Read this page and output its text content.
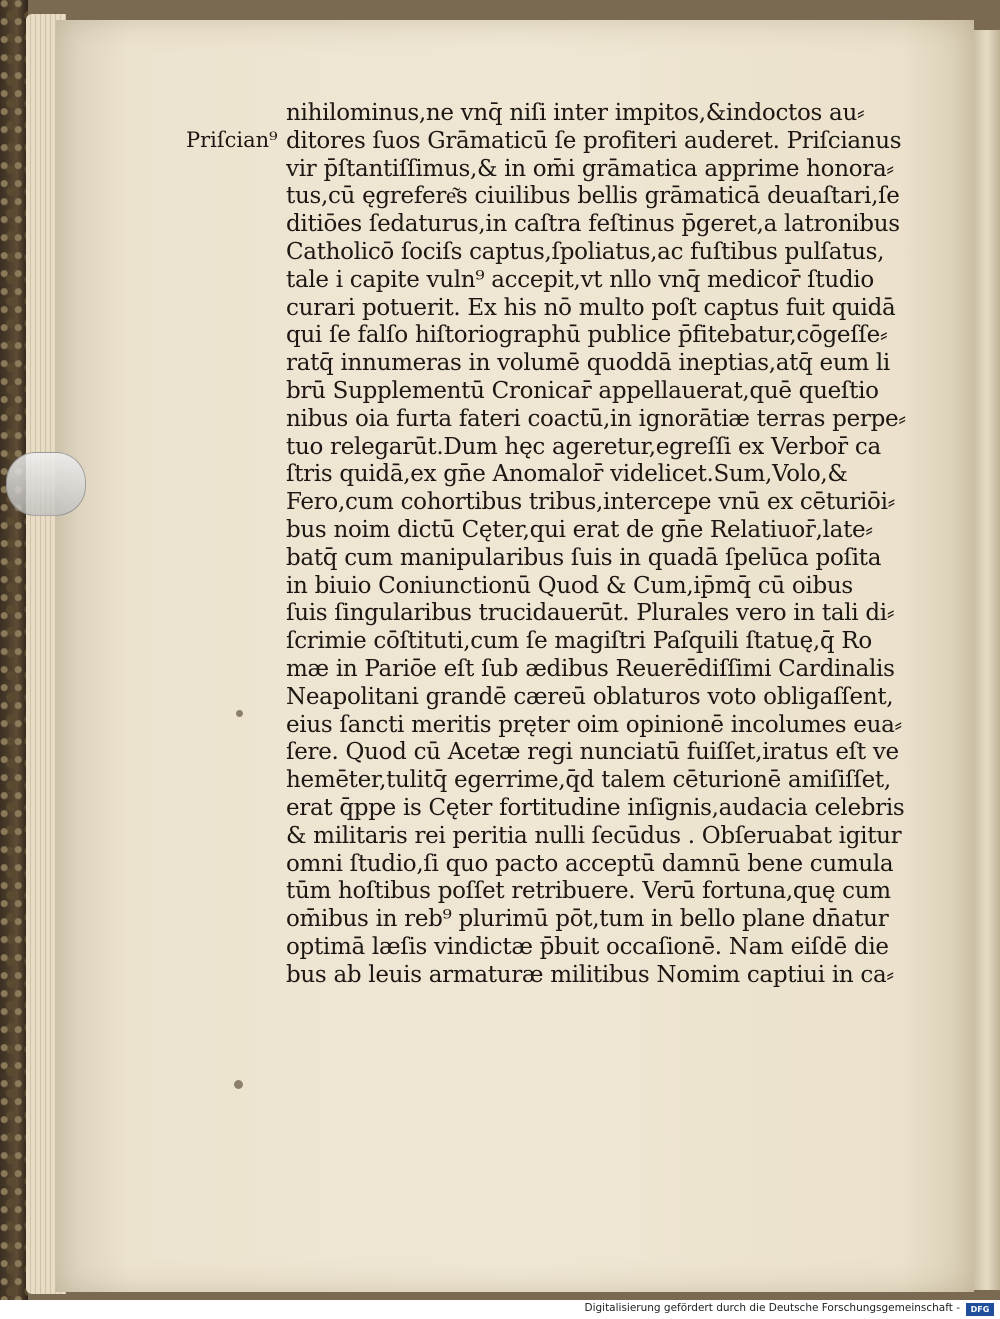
Priſcian⁹
nihilominus,ne vnq̄ niſi inter impitos,&indoctos au⸗
ditores ſuos Grāmaticū ſe profiteri auderet. Priſcianus
vir p̄ſtantiſſimus,& in om̄i grāmatica apprime honora⸗
tus,cū ęgrefere͂s ciuilibus bellis grāmaticā deuaſtari,ſe
ditiōes ſedaturus,in caſtra feſtinus p̄geret,a latronibus
Catholicō ſociſs captus,ſpoliatus,ac fuſtibus pulſatus,
tale i capite vuln⁹ accepit,vt nllo vnq̄ medicor̄ ſtudio
curari potuerit. Ex his nō multo poſt captus fuit quidā
qui ſe falſo hiſtoriographū publice p̄fitebatur,cōgeſſe⸗
ratq̄ innumeras in volumē quoddā ineptias,atq̄ eum li
brū Supplementū Cronicar̄ appellauerat,quē queſtio
nibus oia furta fateri coactū,in ignorātiæ terras perpe⸗
tuo relegarūt.Dum hęc ageretur,egreſſi ex Verbor̄ ca
ſtris quidā,ex gn̄e Anomalor̄ videlicet.Sum,Volo,&
Fero,cum cohortibus tribus,intercepe vnū ex cēturiōi⸗
bus noim dictū Cęter,qui erat de gn̄e Relatiuor̄,late⸗
batq̄ cum manipularibus ſuis in quadā ſpelūca poſita
in biuio Coniunctionū Quod & Cum,ip̄mq̄ cū oibus
ſuis ſingularibus trucidauerūt. Plurales vero in tali di⸗
ſcrimie cōſtituti,cum ſe magiſtri Paſquili ſtatuę,q̄ Ro
mæ in Pariōe eſt ſub ædibus Reuerēdiſſimi Cardinalis
Neapolitani grandē cæreū oblaturos voto obligaſſent,
eius ſancti meritis pręter oim opinionē incolumes eua⸗
ſere. Quod cū Acetæ regi nunciatū fuiſſet,iratus eſt ve
hemēter,tulitq̄ egerrime,q̄d talem cēturionē amiſiſſet,
erat q̄ppe is Cęter fortitudine inſignis,audacia celebris
& militaris rei peritia nulli ſecūdus . Obſeruabat igitur
omni ſtudio,ſi quo pacto acceptū damnū bene cumula
tūm hoſtibus poſſet retribuere. Verū fortuna,quę cum
om̄ibus in reb⁹ plurimū pōt,tum in bello plane dn̄atur
optimā læſis vindictæ p̄buit occaſionē. Nam eiſdē die
bus ab leuis armaturæ militibus Nomim captiui in ca⸗
Digitalisierung gefördert durch die Deutsche Forschungsgemeinschaft -	DFG
